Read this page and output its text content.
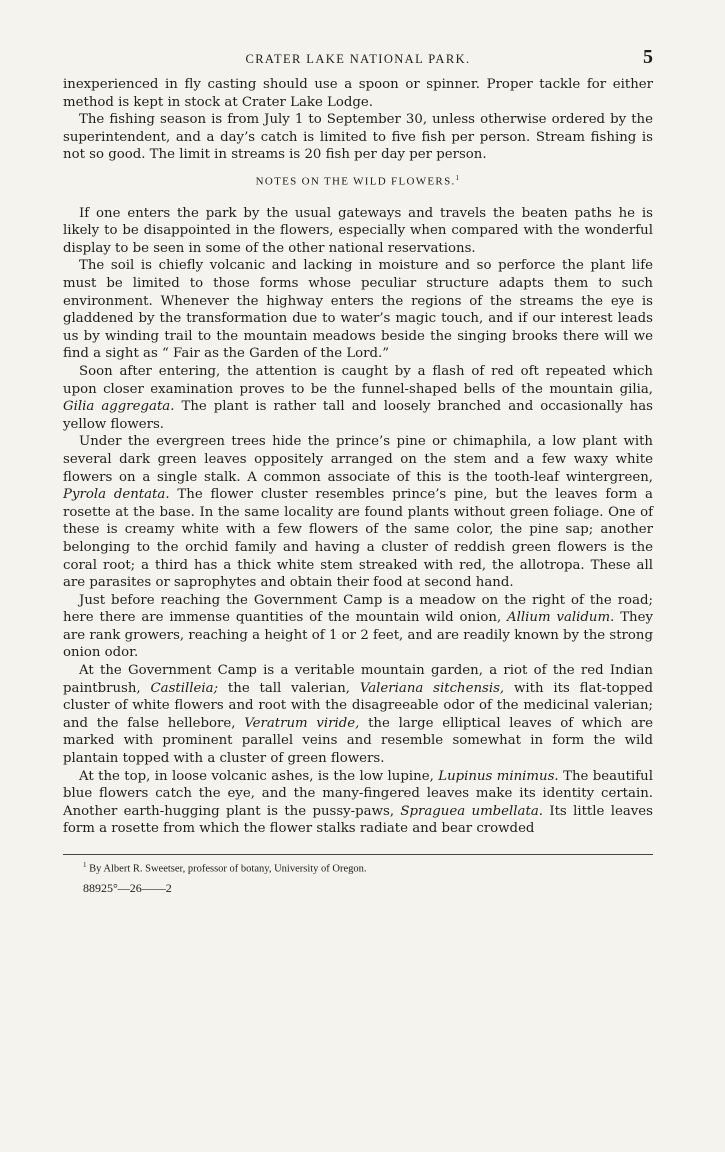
CRATER LAKE NATIONAL PARK.	5

inexperienced in fly casting should use a spoon or spinner. Proper tackle for either method is kept in stock at Crater Lake Lodge.

The fishing season is from July 1 to September 30, unless otherwise ordered by the superintendent, and a day’s catch is limited to five fish per person. Stream fishing is not so good. The limit in streams is 20 fish per day per person.

NOTES ON THE WILD FLOWERS.$^1$

If one enters the park by the usual gateways and travels the beaten paths he is likely to be disappointed in the flowers, especially when compared with the wonderful display to be seen in some of the other national reservations.

The soil is chiefly volcanic and lacking in moisture and so perforce the plant life must be limited to those forms whose peculiar structure adapts them to such environment. Whenever the highway enters the regions of the streams the eye is gladdened by the transformation due to water’s magic touch, and if our interest leads us by winding trail to the mountain meadows beside the singing brooks there will we find a sight as “ Fair as the Garden of the Lord.”

Soon after entering, the attention is caught by a flash of red oft repeated which upon closer examination proves to be the funnel-shaped bells of the mountain gilia, Gilia aggregata. The plant is rather tall and loosely branched and occasionally has yellow flowers.

Under the evergreen trees hide the prince’s pine or chimaphila, a low plant with several dark green leaves oppositely arranged on the stem and a few waxy white flowers on a single stalk. A common associate of this is the tooth-leaf wintergreen, Pyrola dentata. The flower cluster resembles prince’s pine, but the leaves form a rosette at the base. In the same locality are found plants without green foliage. One of these is creamy white with a few flowers of the same color, the pine sap; another belonging to the orchid family and having a cluster of reddish green flowers is the coral root; a third has a thick white stem streaked with red, the allotropa. These all are parasites or saprophytes and obtain their food at second hand.

Just before reaching the Government Camp is a meadow on the right of the road; here there are immense quantities of the mountain wild onion, Allium validum. They are rank growers, reaching a height of 1 or 2 feet, and are readily known by the strong onion odor.

At the Government Camp is a veritable mountain garden, a riot of the red Indian paintbrush, Castilleia; the tall valerian, Valeriana sitchensis, with its flat-topped cluster of white flowers and root with the disagreeable odor of the medicinal valerian; and the false hellebore, Veratrum viride, the large elliptical leaves of which are marked with prominent parallel veins and resemble somewhat in form the wild plantain topped with a cluster of green flowers.

At the top, in loose volcanic ashes, is the low lupine, Lupinus minimus. The beautiful blue flowers catch the eye, and the many-fingered leaves make its identity certain. Another earth-hugging plant is the pussy-paws, Spraguea umbellata. Its little leaves form a rosette from which the flower stalks radiate and bear crowded

$^1$ By Albert R. Sweetser, professor of botany, University of Oregon.

88925°—26——2
